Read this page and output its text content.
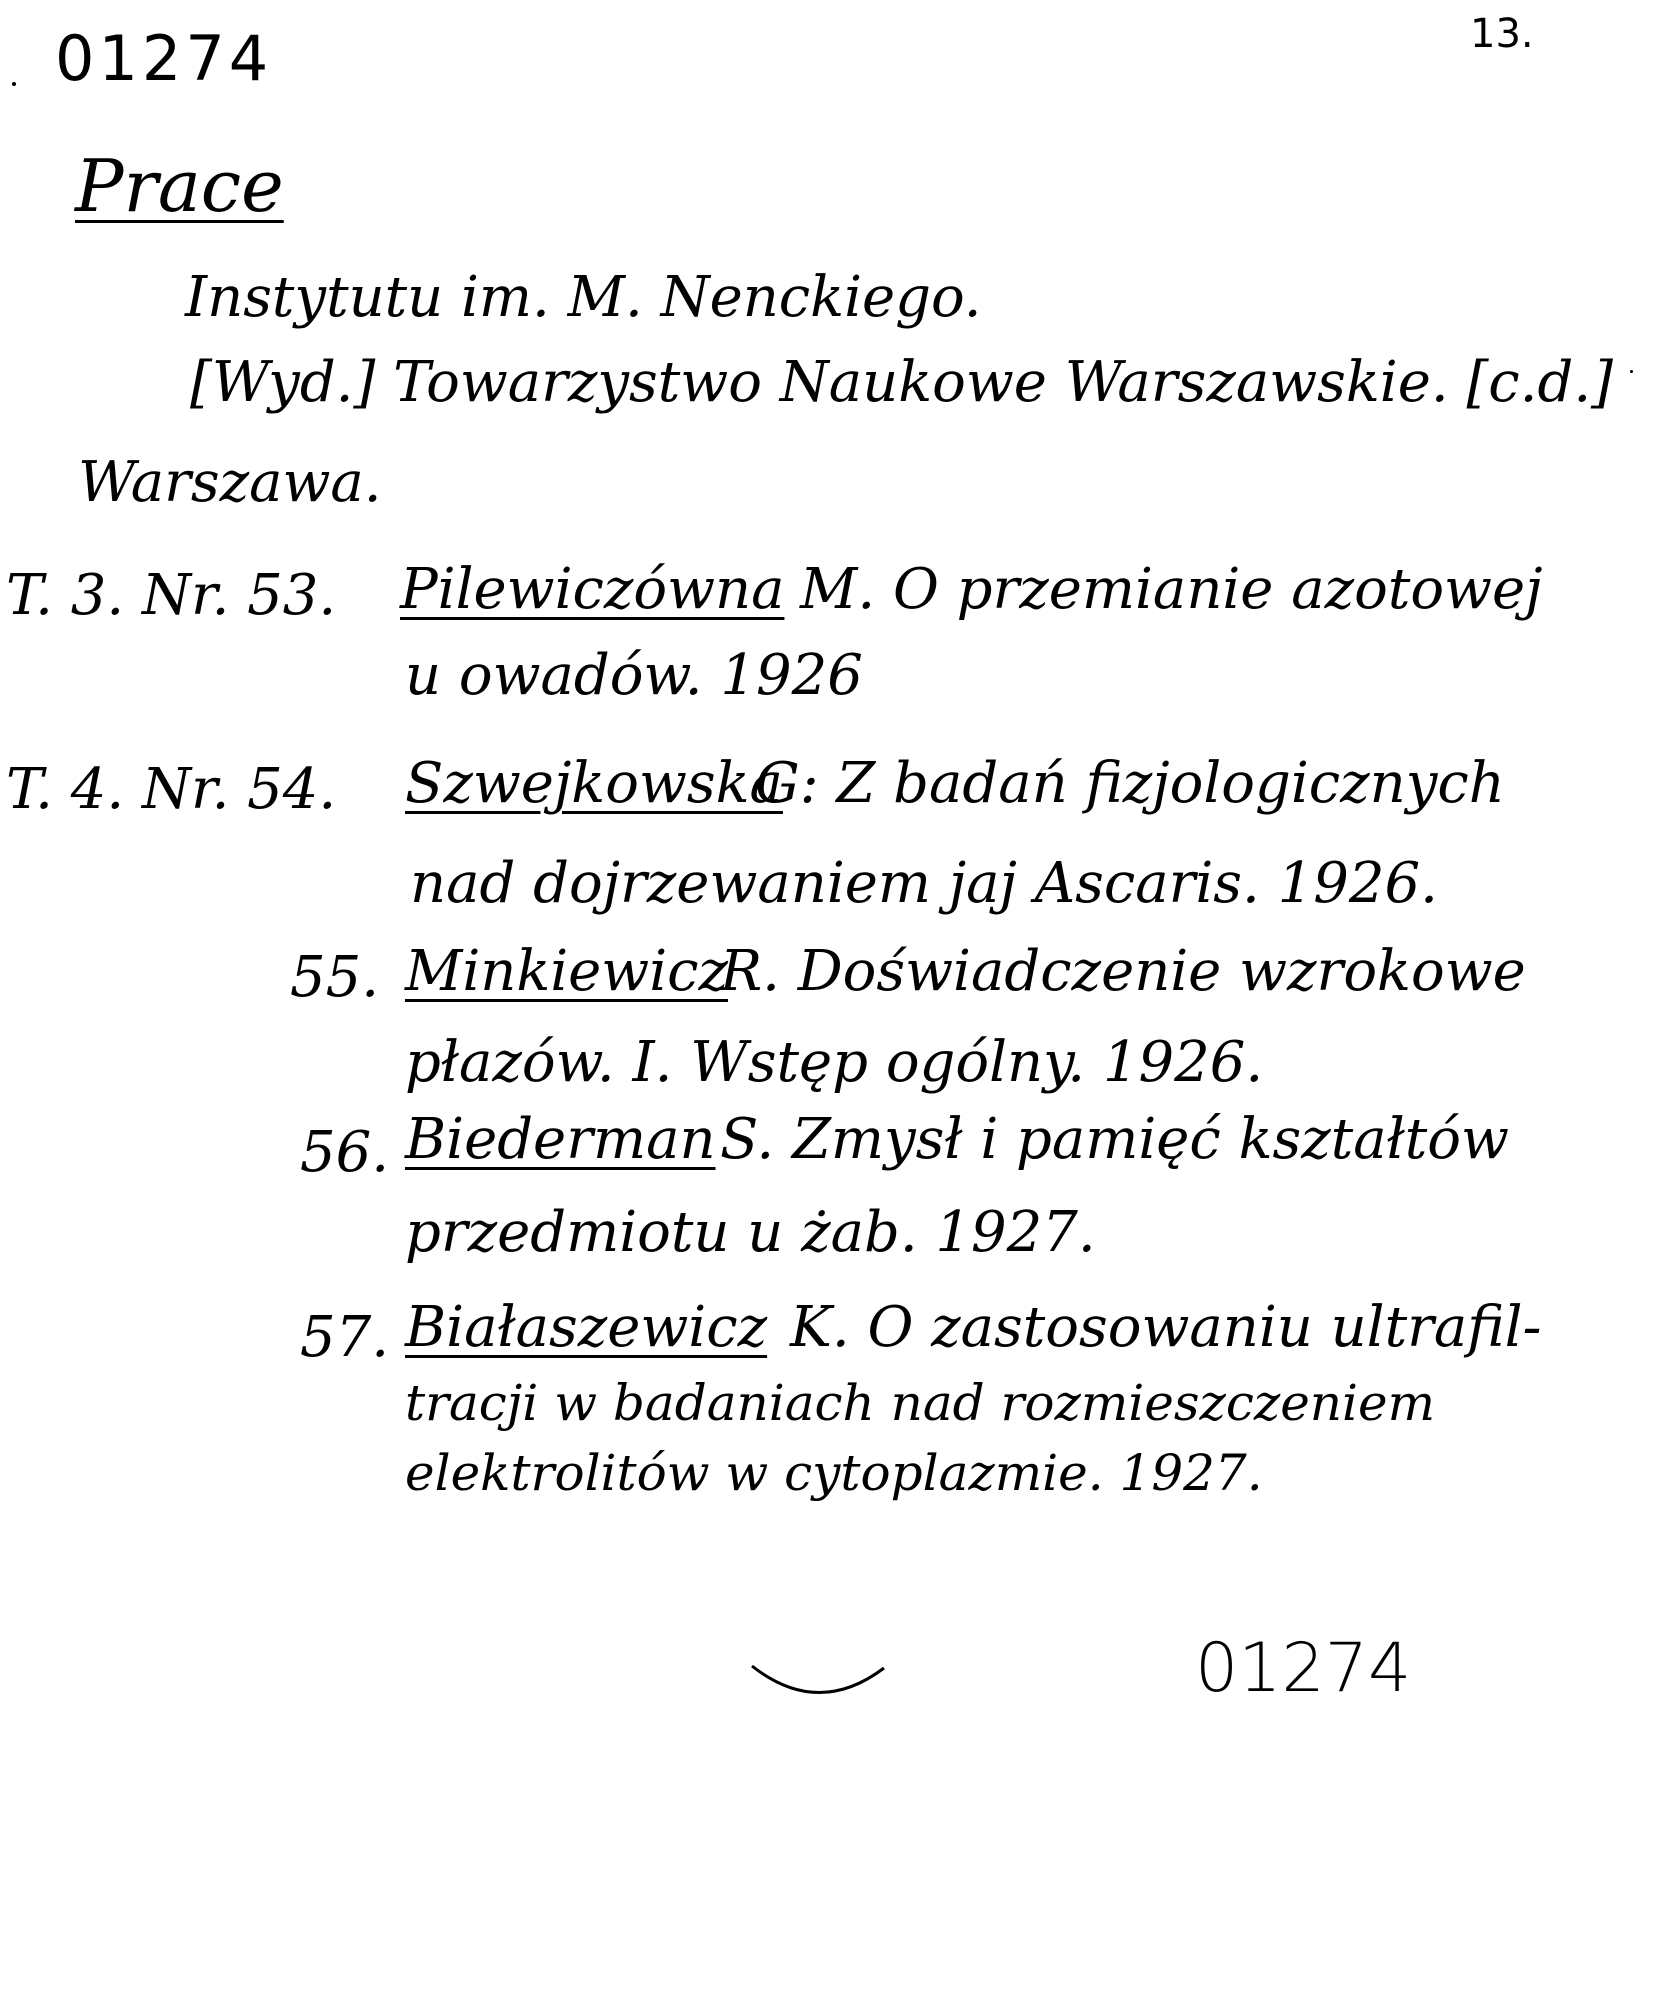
01274	13.
Prace
Instytutu im. M. Nenckiego.
[Wyd.] Towarzystwo Naukowe Warszawskie. [c.d.]
Warszawa.
T. 3. Nr. 53. Pilewiczówna M. O przemianie azotowej
u owadów. 1926
T. 4. Nr. 54. Szwejkowska
G: Z badań fizjologicznych
nad dojrzewaniem jaj Ascaris. 1926.
55. Minkiewicz
R. Doświadczenie wzrokowe
płazów. I. Wstęp ogólny. 1926.
56. Biederman S. Zmysł i pamięć kształtów
przedmiotu u żab. 1927.
57. Białaszewicz K. O zastosowaniu ultrafil-
tracji w badaniach nad rozmieszczeniem
elektrolitów w cytoplazmie. 1927.
01274
